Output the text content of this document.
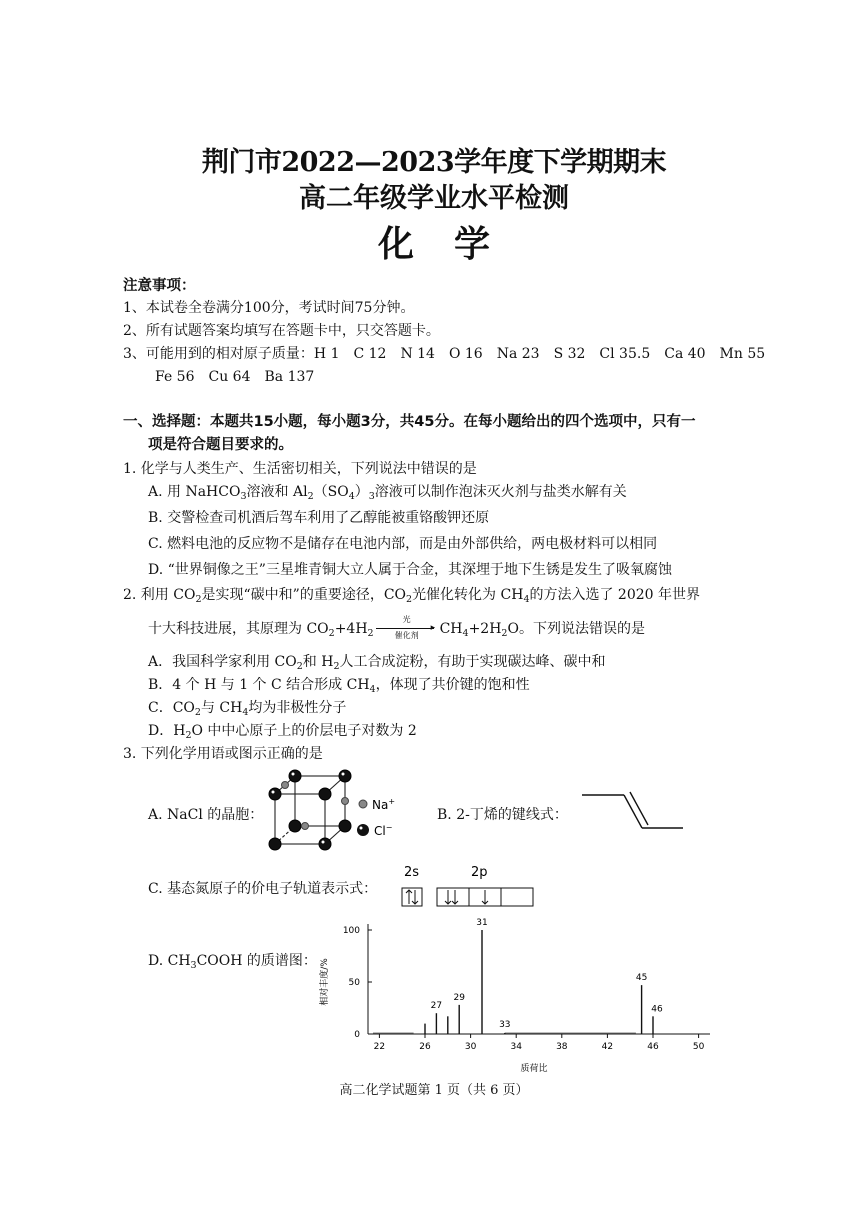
荆门市2022—2023学年度下学期期末
高二年级学业水平检测
化学
注意事项：
1、本试卷全卷满分100分，考试时间75分钟。
2、所有试题答案均填写在答题卡中，只交答题卡。
3、可能用到的相对原子质量：H 1　C 12　N 14　O 16　Na 23　S 32　Cl 35.5　Ca 40　Mn 55
Fe 56　Cu 64　Ba 137
一、选择题：本题共15小题，每小题3分，共45分。在每小题给出的四个选项中，只有一
项是符合题目要求的。
1. 化学与人类生产、生活密切相关，下列说法中错误的是
A. 用 NaHCO$_3$溶液和 $Al_2(SO_4)_3$溶液可以制作泡沫灭火剂与盐类水解有关
B. 交警检查司机酒后驾车利用了乙醇能被重铬酸钾还原
C. 燃料电池的反应物不是储存在电池内部，而是由外部供给，两电极材料可以相同
D. “世界铜像之王”三星堆青铜大立人属于合金，其深埋于地下生锈是发生了吸氧腐蚀
2. 利用 $CO_2$是实现“碳中和”的重要途径，$CO_2$光催化转化为 $CH_4$的方法入选了 2020 年世界
十大科技进展，其原理为 $CO_2+4H_2$
光
▸
催化剂	$CH_4+2H_2O$。下列说法错误的是
A．我国科学家利用 $CO_2$和 $H_2$人工合成淀粉，有助于实现碳达峰、碳中和
B．4 个 H 与 1 个 C 结合形成 $CH_4$，体现了共价键的饱和性
C．$CO_2$与 $CH_4$均为非极性分子
D．$H_2O$ 中中心原子上的价层电子对数为 2
3. 下列化学用语或图示正确的是
A. NaCl 的晶胞：
Na+
Cl−
B. 2-丁烯的键线式：
C. 基态氮原子的价电子轨道表示式：
2s	2p
D. $CH_3COOH$ 的质谱图：
0
50
100
22	26	30	34	38	42	46	50
27
29
31
33
45
46
相对丰度/%
质荷比
高二化学试题第 1 页（共 6 页）
